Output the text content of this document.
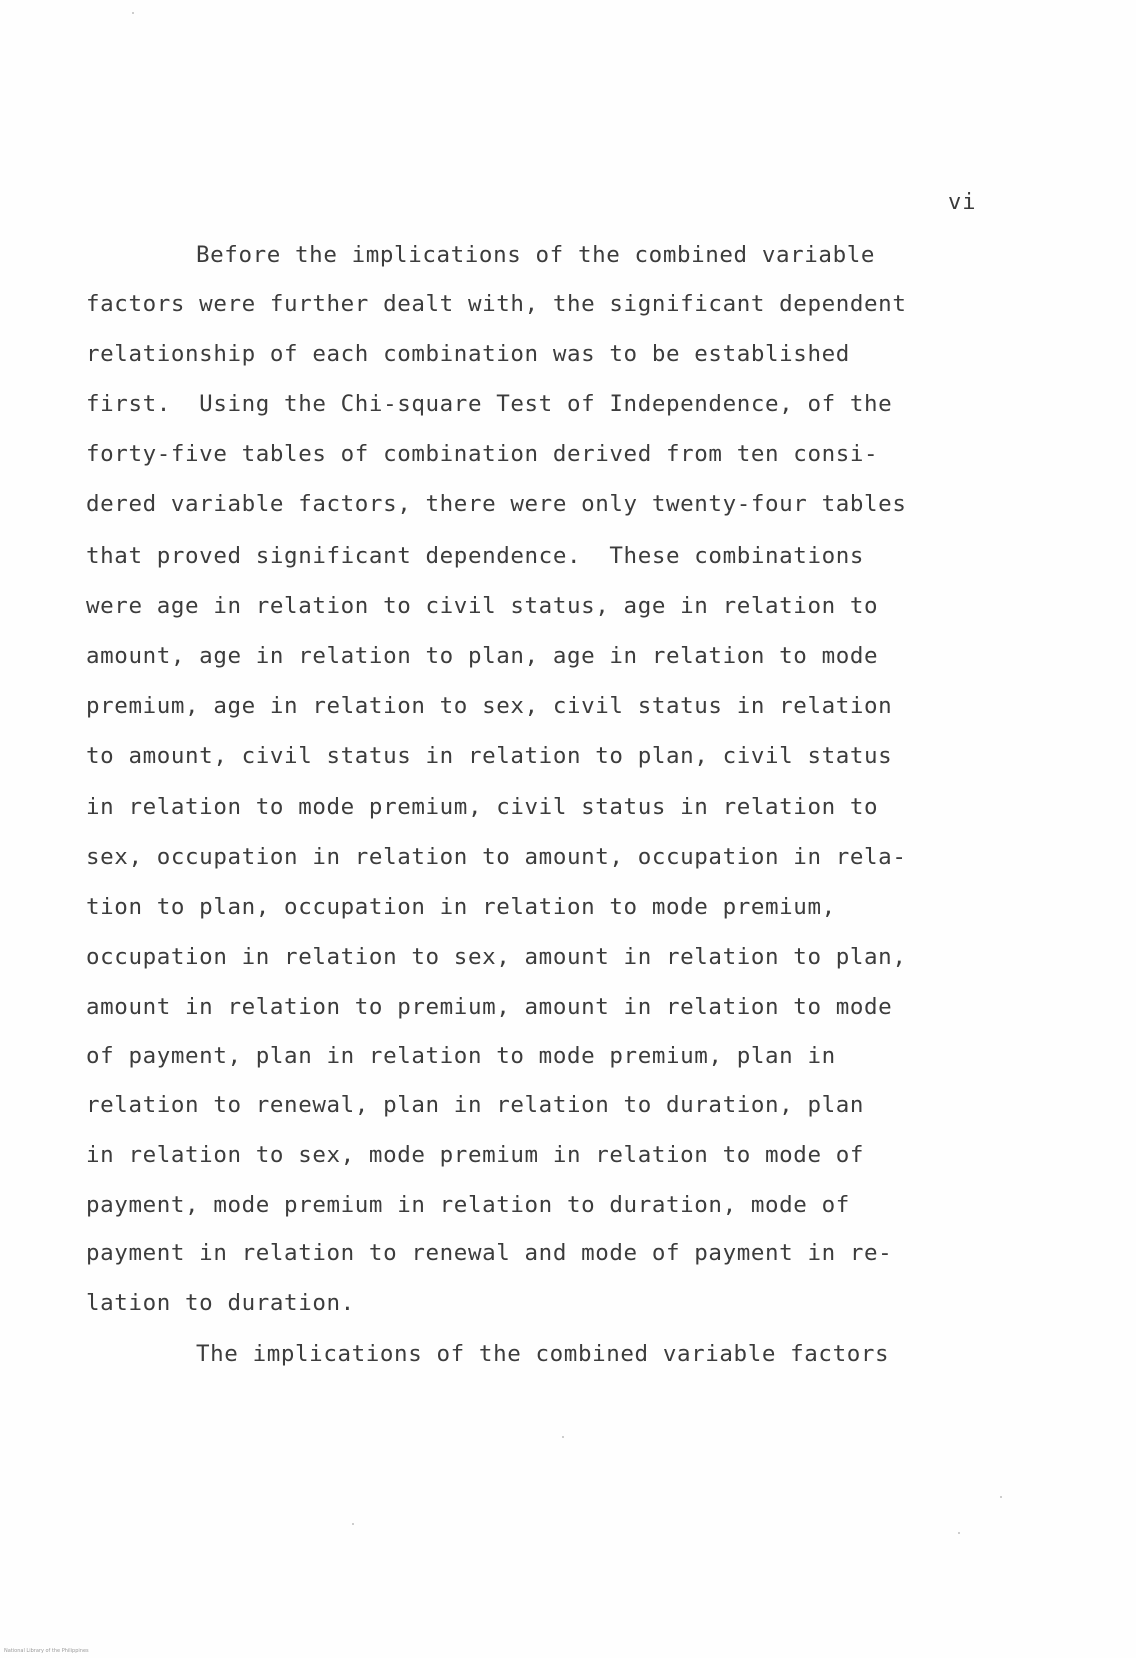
vi
Before the implications of the combined variable
factors were further dealt with, the significant dependent
relationship of each combination was to be established
first.  Using the Chi-square Test of Independence, of the
forty-five tables of combination derived from ten consi-
dered variable factors, there were only twenty-four tables
that proved significant dependence.  These combinations
were age in relation to civil status, age in relation to
amount, age in relation to plan, age in relation to mode
premium, age in relation to sex, civil status in relation
to amount, civil status in relation to plan, civil status
in relation to mode premium, civil status in relation to
sex, occupation in relation to amount, occupation in rela-
tion to plan, occupation in relation to mode premium,
occupation in relation to sex, amount in relation to plan,
amount in relation to premium, amount in relation to mode
of payment, plan in relation to mode premium, plan in
relation to renewal, plan in relation to duration, plan
in relation to sex, mode premium in relation to mode of
payment, mode premium in relation to duration, mode of
payment in relation to renewal and mode of payment in re-
lation to duration.
The implications of the combined variable factors
National Library of the Philippines
